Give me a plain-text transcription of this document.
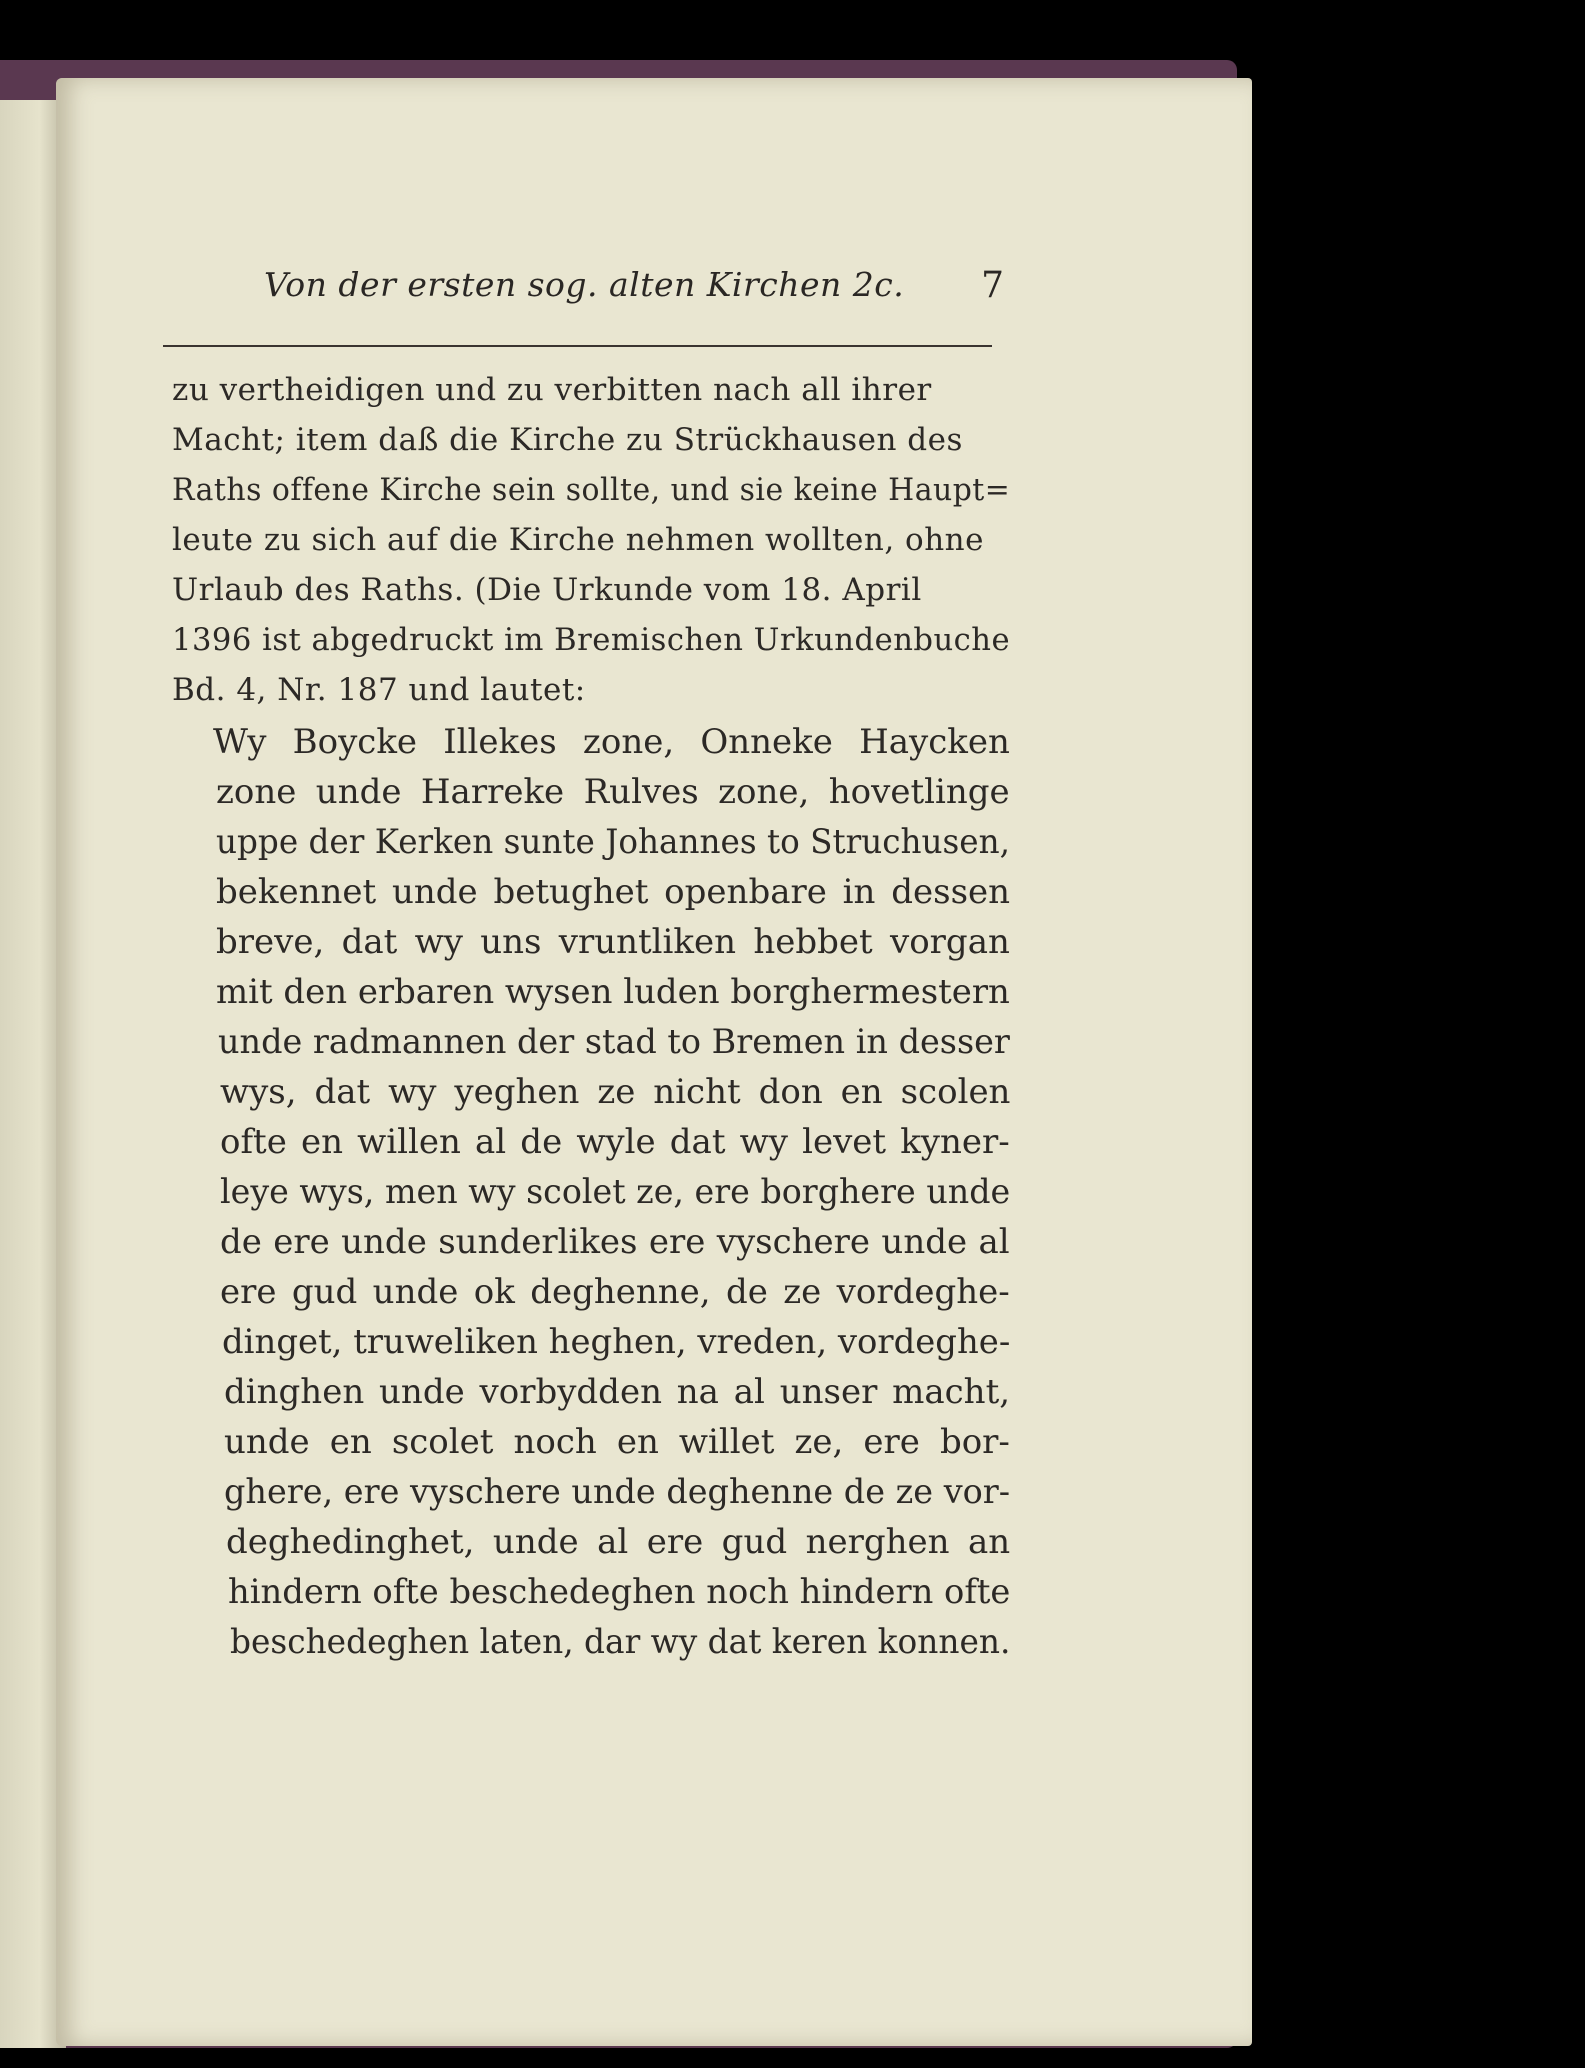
Von der ersten sog. alten Kirchen 2c. 7
zu vertheidigen und zu verbitten nach all ihrer
Macht; item daß die Kirche zu Strückhausen des
Raths offene Kirche sein sollte, und sie keine Haupt=
leute zu sich auf die Kirche nehmen wollten, ohne
Urlaub des Raths. (Die Urkunde vom 18. April
1396 ist abgedruckt im Bremischen Urkundenbuche
Bd. 4, Nr. 187 und lautet:
Wy Boycke Illekes zone, Onneke Haycken
zone unde Harreke Rulves zone, hovetlinge
uppe der Kerken sunte Johannes to Struchusen,
bekennet unde betughet openbare in dessen
breve, dat wy uns vruntliken hebbet vorgan
mit den erbaren wysen luden borghermestern
unde radmannen der stad to Bremen in desser
wys, dat wy yeghen ze nicht don en scolen
ofte en willen al de wyle dat wy levet kyner-
leye wys, men wy scolet ze, ere borghere unde
de ere unde sunderlikes ere vyschere unde al
ere gud unde ok deghenne, de ze vordeghe-
dinget, truweliken heghen, vreden, vordeghe-
dinghen unde vorbydden na al unser macht,
unde en scolet noch en willet ze, ere bor-
ghere, ere vyschere unde deghenne de ze vor-
deghedinghet, unde al ere gud nerghen an
hindern ofte beschedeghen noch hindern ofte
beschedeghen laten, dar wy dat keren konnen.
